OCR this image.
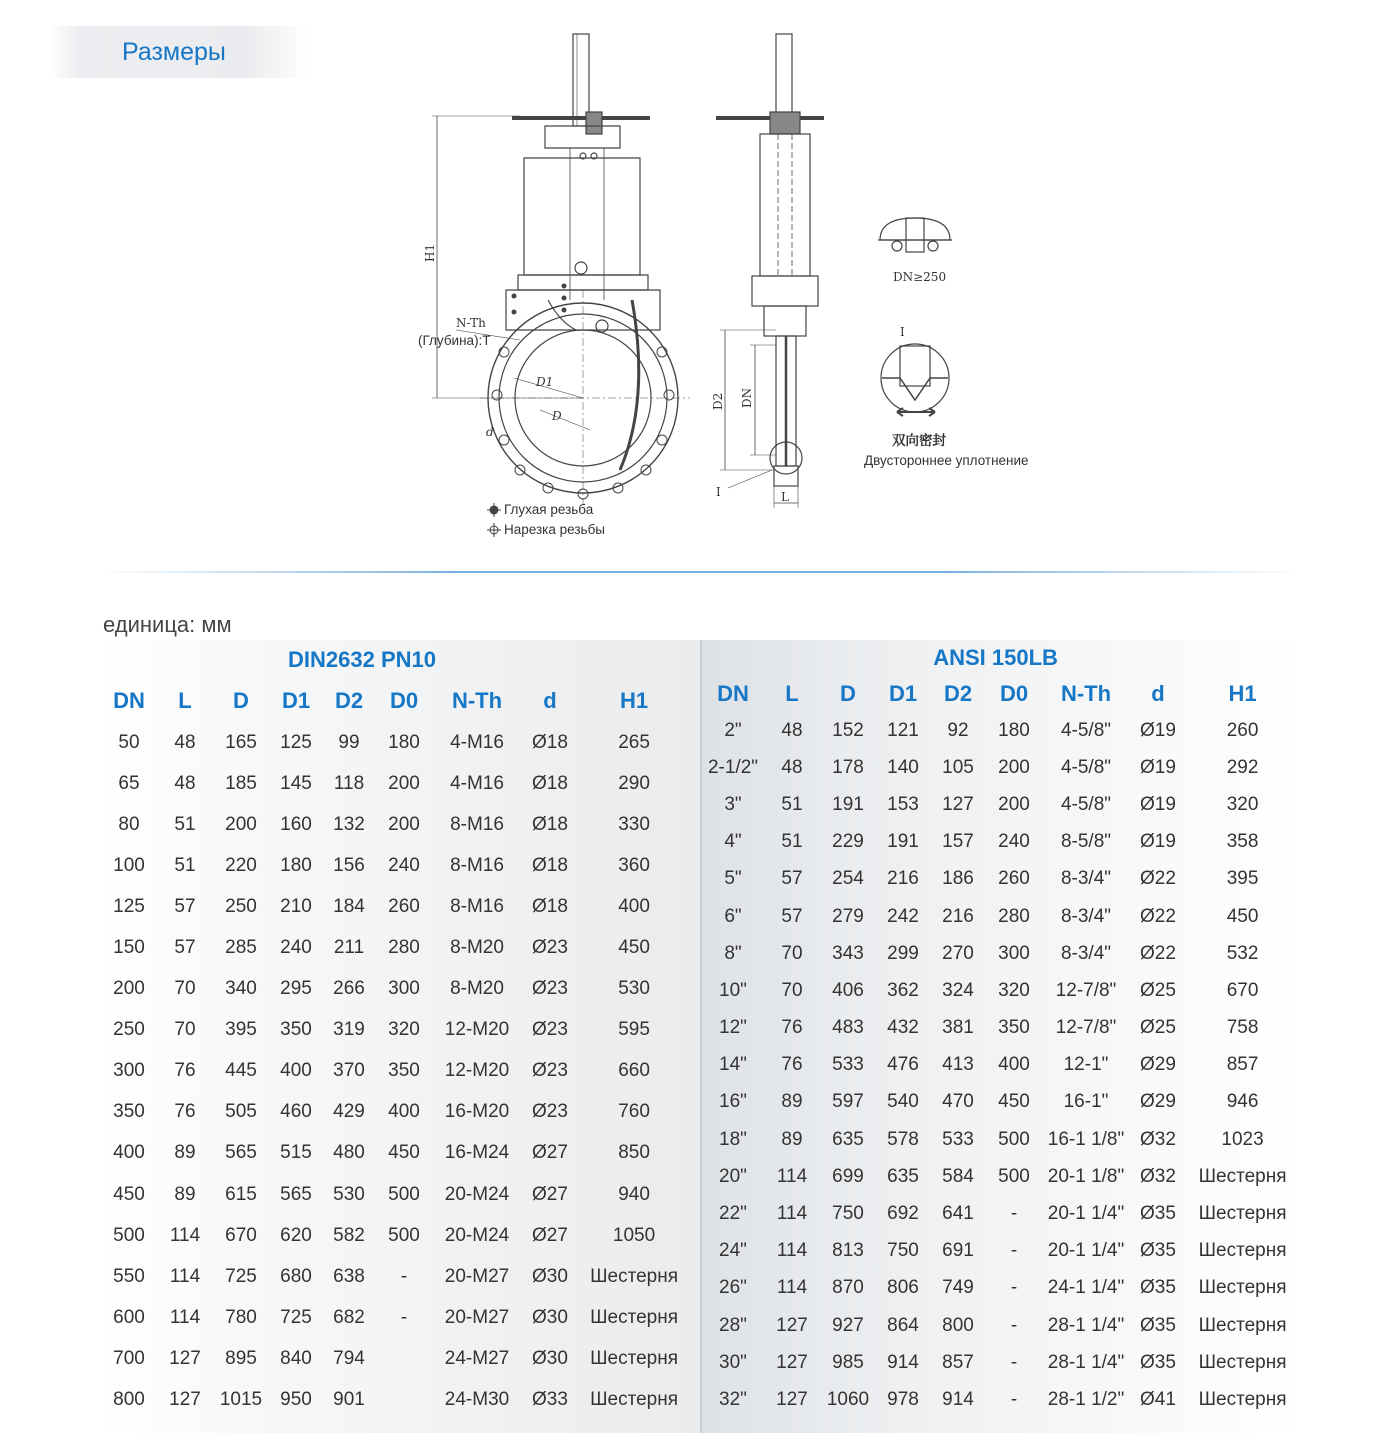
Размеры
H1
N-Th
(Глубина):T
D1
D
d
D2 DN
L
I
I
DN≥250
Глухая резьба
Нарезка резьбы
双向密封
Двустороннее уплотнение
единица: мм
		DIN2632 PN10						
DN	L	D	D1	D2	D0	N-Th	d	H1
50	48	165	125	99	180	4-M16	Ø18	265
65	48	185	145	118	200	4-M16	Ø18	290
80	51	200	160	132	200	8-M16	Ø18	330
100	51	220	180	156	240	8-M16	Ø18	360
125	57	250	210	184	260	8-M16	Ø18	400
150	57	285	240	211	280	8-M20	Ø23	450
200	70	340	295	266	300	8-M20	Ø23	530
250	70	395	350	319	320	12-M20	Ø23	595
300	76	445	400	370	350	12-M20	Ø23	660
350	76	505	460	429	400	16-M20	Ø23	760
400	89	565	515	480	450	16-M24	Ø27	850
450	89	615	565	530	500	20-M24	Ø27	940
500	114	670	620	582	500	20-M24	Ø27	1050
550	114	725	680	638	-	20-M27	Ø30	Шестерня
600	114	780	725	682	-	20-M27	Ø30	Шестерня
700	127	895	840	794		24-M27	Ø30	Шестерня
800	127	1015	950	901		24-M30	Ø33	Шестерня
ANSI 150LB								
DN	L	D	D1	D2	D0	N-Th	d	H1
2"	48	152	121	92	180	4-5/8"	Ø19	260
2-1/2"	48	178	140	105	200	4-5/8"	Ø19	292
3"	51	191	153	127	200	4-5/8"	Ø19	320
4"	51	229	191	157	240	8-5/8"	Ø19	358
5"	57	254	216	186	260	8-3/4"	Ø22	395
6"	57	279	242	216	280	8-3/4"	Ø22	450
8"	70	343	299	270	300	8-3/4"	Ø22	532
10"	70	406	362	324	320	12-7/8"	Ø25	670
12"	76	483	432	381	350	12-7/8"	Ø25	758
14"	76	533	476	413	400	12-1"	Ø29	857
16"	89	597	540	470	450	16-1"	Ø29	946
18"	89	635	578	533	500	16-1 1/8"	Ø32	1023
20"	114	699	635	584	500	20-1 1/8"	Ø32	Шестерня
22"	114	750	692	641	-	20-1 1/4"	Ø35	Шестерня
24"	114	813	750	691	-	20-1 1/4"	Ø35	Шестерня
26"	114	870	806	749	-	24-1 1/4"	Ø35	Шестерня
28"	127	927	864	800	-	28-1 1/4"	Ø35	Шестерня
30"	127	985	914	857	-	28-1 1/4"	Ø35	Шестерня
32"	127	1060	978	914	-	28-1 1/2"	Ø41	Шестерня
